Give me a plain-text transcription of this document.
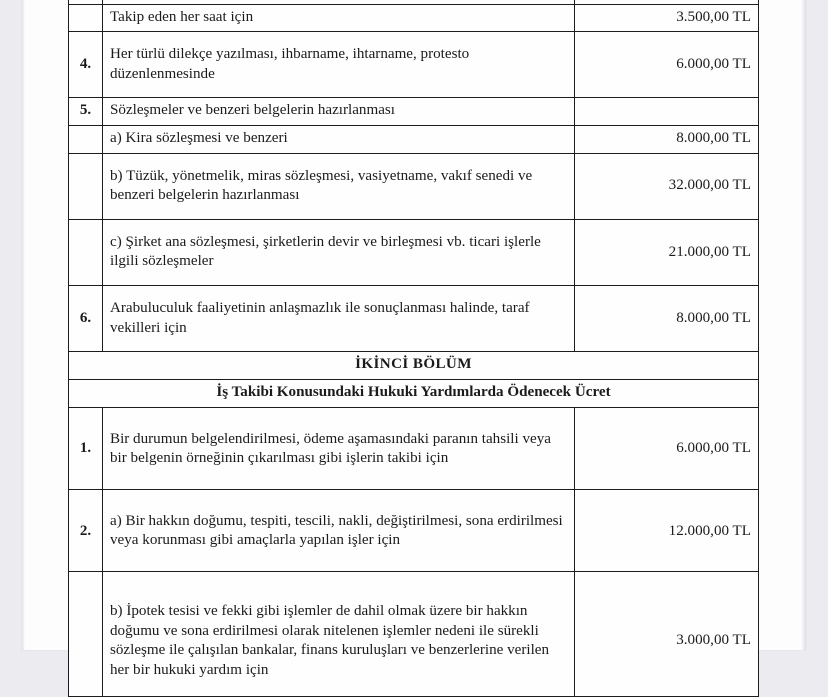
	Takip eden her saat için	3.500,00 TL
4.	Her türlü dilekçe yazılması, ihbarname, ihtarname, protesto düzenlenmesinde	6.000,00 TL
5.	Sözleşmeler ve benzeri belgelerin hazırlanması	
	a) Kira sözleşmesi ve benzeri	8.000,00 TL
	b) Tüzük, yönetmelik, miras sözleşmesi, vasiyetname, vakıf senedi ve benzeri belgelerin hazırlanması	32.000,00 TL
	c) Şirket ana sözleşmesi, şirketlerin devir ve birleşmesi vb. ticari işlerle ilgili sözleşmeler	21.000,00 TL
6.	Arabuluculuk faaliyetinin anlaşmazlık ile sonuçlanması halinde, taraf vekilleri için	8.000,00 TL
İKİNCİ BÖLÜM		
İş Takibi Konusundaki Hukuki Yardımlarda Ödenecek Ücret		
1.	Bir durumun belgelendirilmesi, ödeme aşamasındaki paranın tahsili veya bir belgenin örneğinin çıkarılması gibi işlerin takibi için	6.000,00 TL
2.	a) Bir hakkın doğumu, tespiti, tescili, nakli, değiştirilmesi, sona erdirilmesi veya korunması gibi amaçlarla yapılan işler için	12.000,00 TL
	b) İpotek tesisi ve fekki gibi işlemler de dahil olmak üzere bir hakkın doğumu ve sona erdirilmesi olarak nitelenen işlemler nedeni ile sürekli sözleşme ile çalışılan bankalar, finans kuruluşları ve benzerlerine verilen her bir hukuki yardım için	3.000,00 TL
